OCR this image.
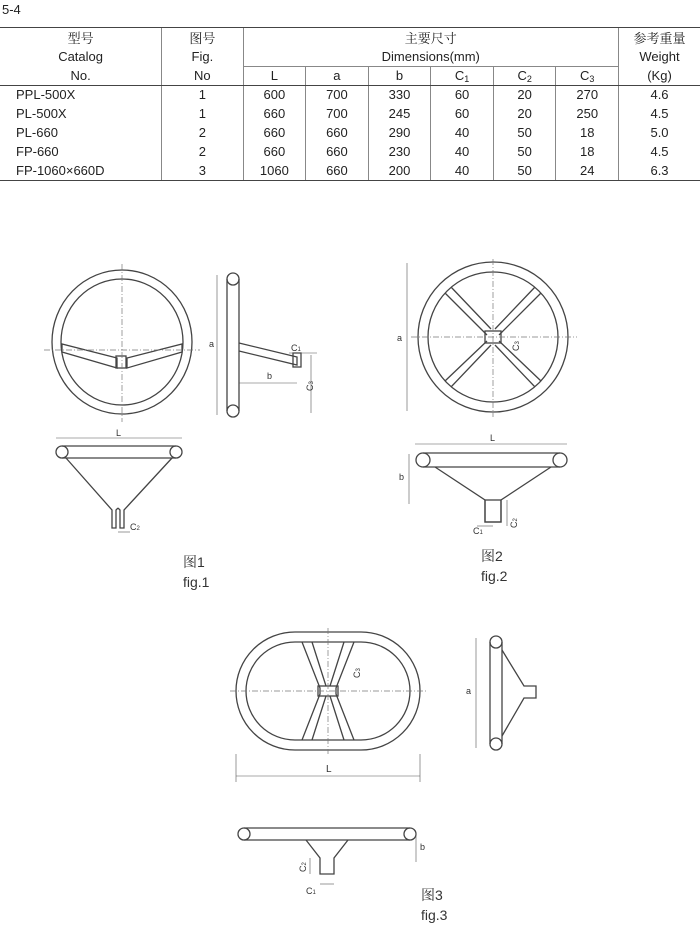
5-4
型号	图号	主要尺寸						参考重量
Catalog	Fig.	Dimensions(mm)						Weight
No.	No	L	a	b	$C_1$	$C_2$	$C_3$	(Kg)
PPL-500X	1	600	700	330	60	20	270	4.6
PL-500X	1	660	700	245	60	20	250	4.5
PL-660	2	660	660	290	40	50	18	5.0
FP-660	2	660	660	230	40	50	18	4.5
FP-1060×660D	3	1060	660	200	40	50	24	6.3
a
b
C1
C3
L
C2
图1
fig.1
a
C3
L
b
C1
C2
图2
fig.2
L
C3
a
b
C2
C1	图3
fig.3
